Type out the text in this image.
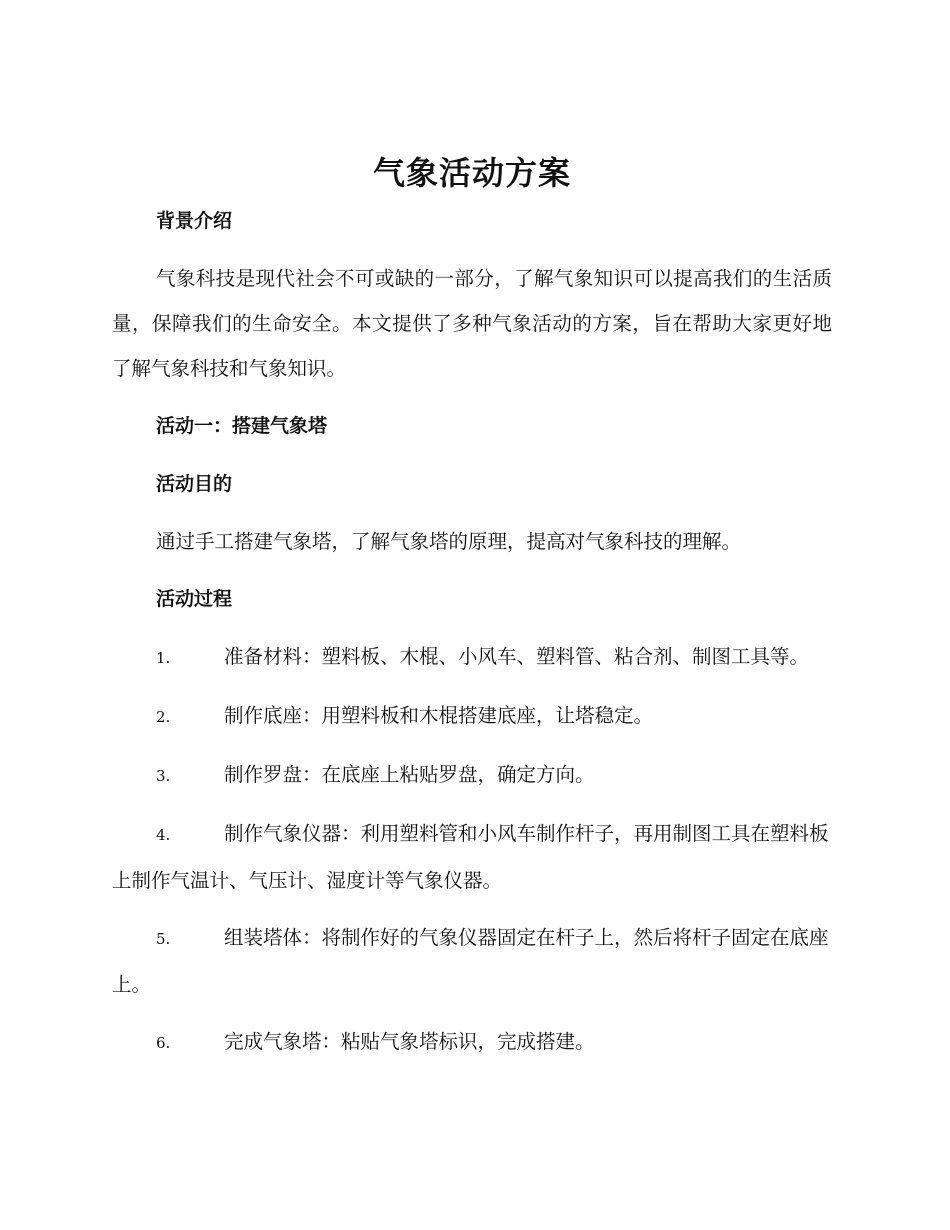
气象活动方案
背景介绍

气象科技是现代社会不可或缺的一部分，了解气象知识可以提高我们的生活质量，保障我们的生命安全。本文提供了多种气象活动的方案，旨在帮助大家更好地了解气象科技和气象知识。

活动一：搭建气象塔
活动目的

通过手工搭建气象塔，了解气象塔的原理，提高对气象科技的理解。

活动过程
1.	准备材料：塑料板、木棍、小风车、塑料管、粘合剂、制图工具等。
2.	制作底座：用塑料板和木棍搭建底座，让塔稳定。
3.	制作罗盘：在底座上粘贴罗盘，确定方向。
4.	制作气象仪器：利用塑料管和小风车制作杆子，再用制图工具在塑料板上制作气温计、气压计、湿度计等气象仪器。
5.	组装塔体：将制作好的气象仪器固定在杆子上，然后将杆子固定在底座上。
6.	完成气象塔：粘贴气象塔标识，完成搭建。
